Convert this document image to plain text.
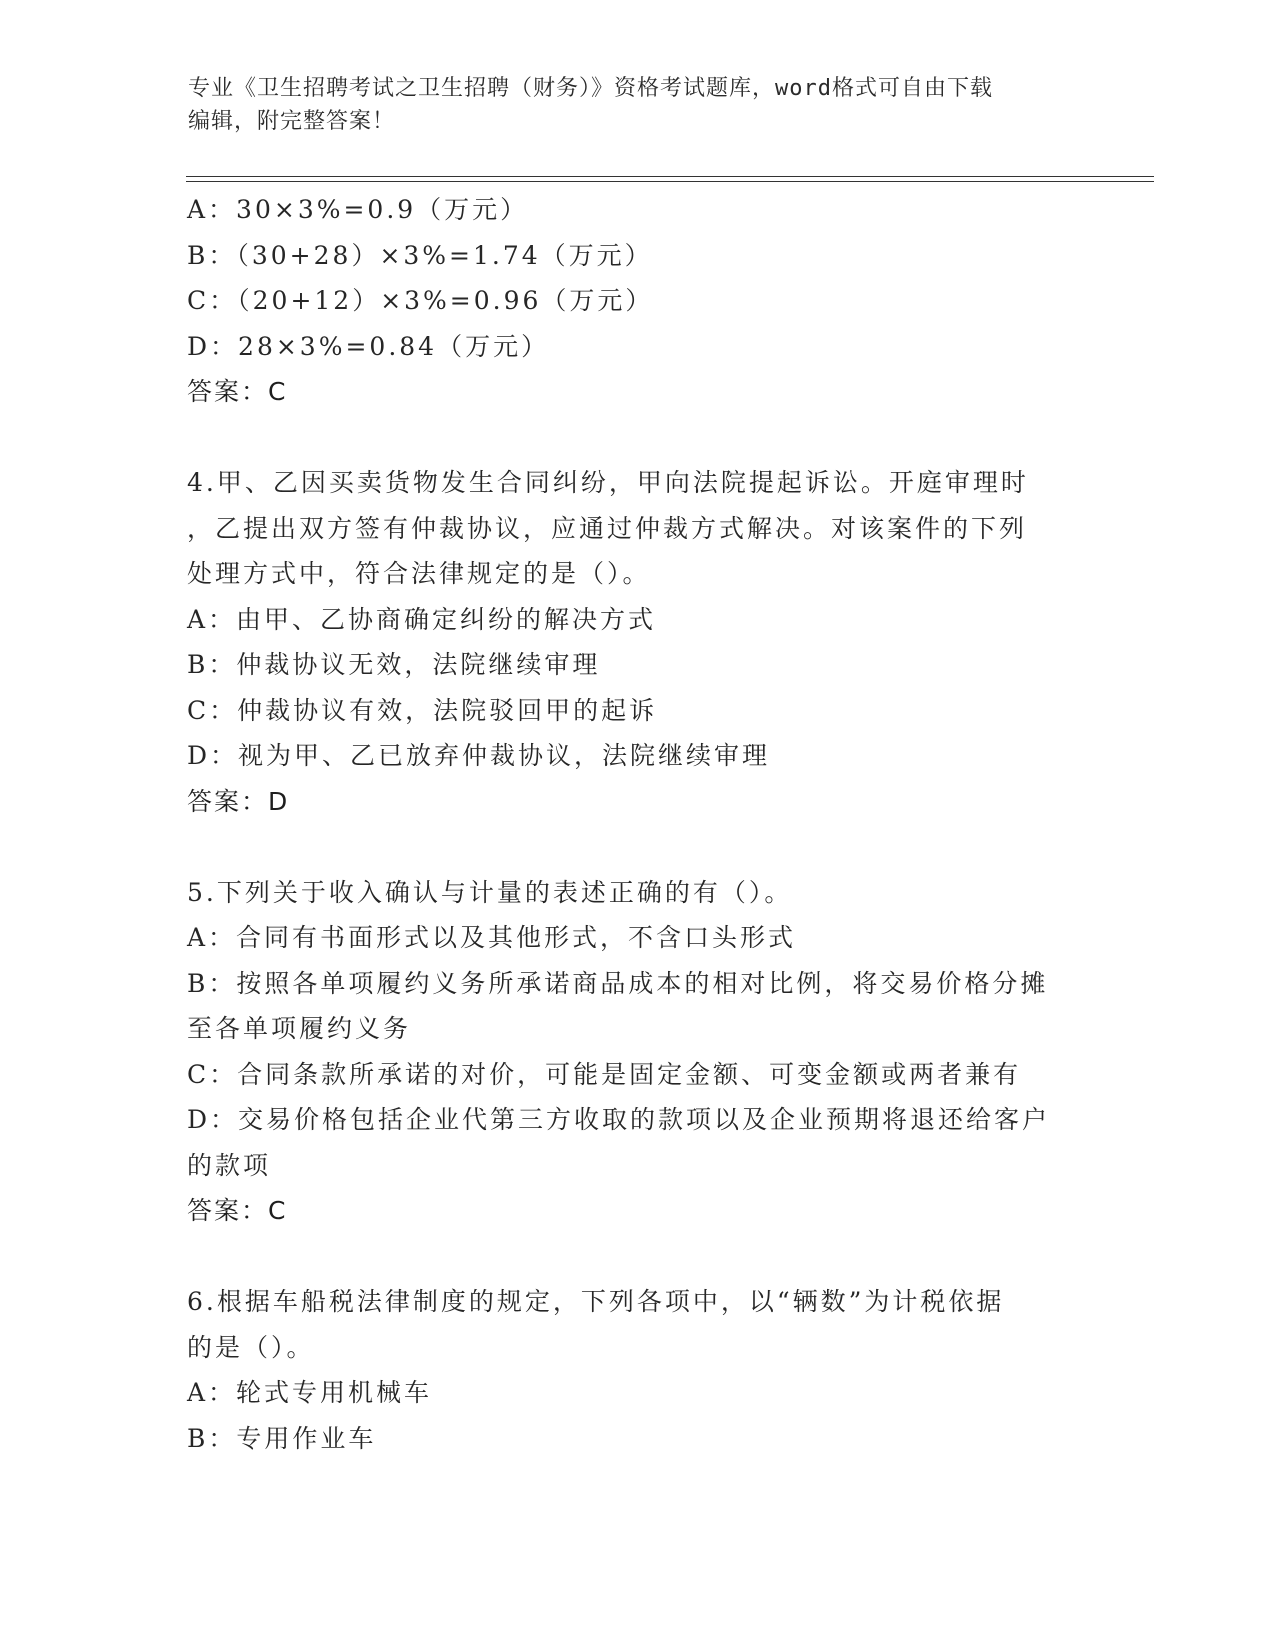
专业《卫生招聘考试之卫生招聘（财务）》资格考试题库，word格式可自由下载
编辑，附完整答案！
A：30×3%=0.9（万元）
B：（30+28）×3%=1.74（万元）
C：（20+12）×3%=0.96（万元）
D：28×3%=0.84（万元）
答案：C
4.甲、乙因买卖货物发生合同纠纷，甲向法院提起诉讼。开庭审理时
，乙提出双方签有仲裁协议，应通过仲裁方式解决。对该案件的下列
处理方式中，符合法律规定的是（）。
A：由甲、乙协商确定纠纷的解决方式
B：仲裁协议无效，法院继续审理
C：仲裁协议有效，法院驳回甲的起诉
D：视为甲、乙已放弃仲裁协议，法院继续审理
答案：D
5.下列关于收入确认与计量的表述正确的有（）。
A：合同有书面形式以及其他形式，不含口头形式
B：按照各单项履约义务所承诺商品成本的相对比例，将交易价格分摊
至各单项履约义务
C：合同条款所承诺的对价，可能是固定金额、可变金额或两者兼有
D：交易价格包括企业代第三方收取的款项以及企业预期将退还给客户
的款项
答案：C
6.根据车船税法律制度的规定，下列各项中，以“辆数”为计税依据
的是（）。
A：轮式专用机械车
B：专用作业车
